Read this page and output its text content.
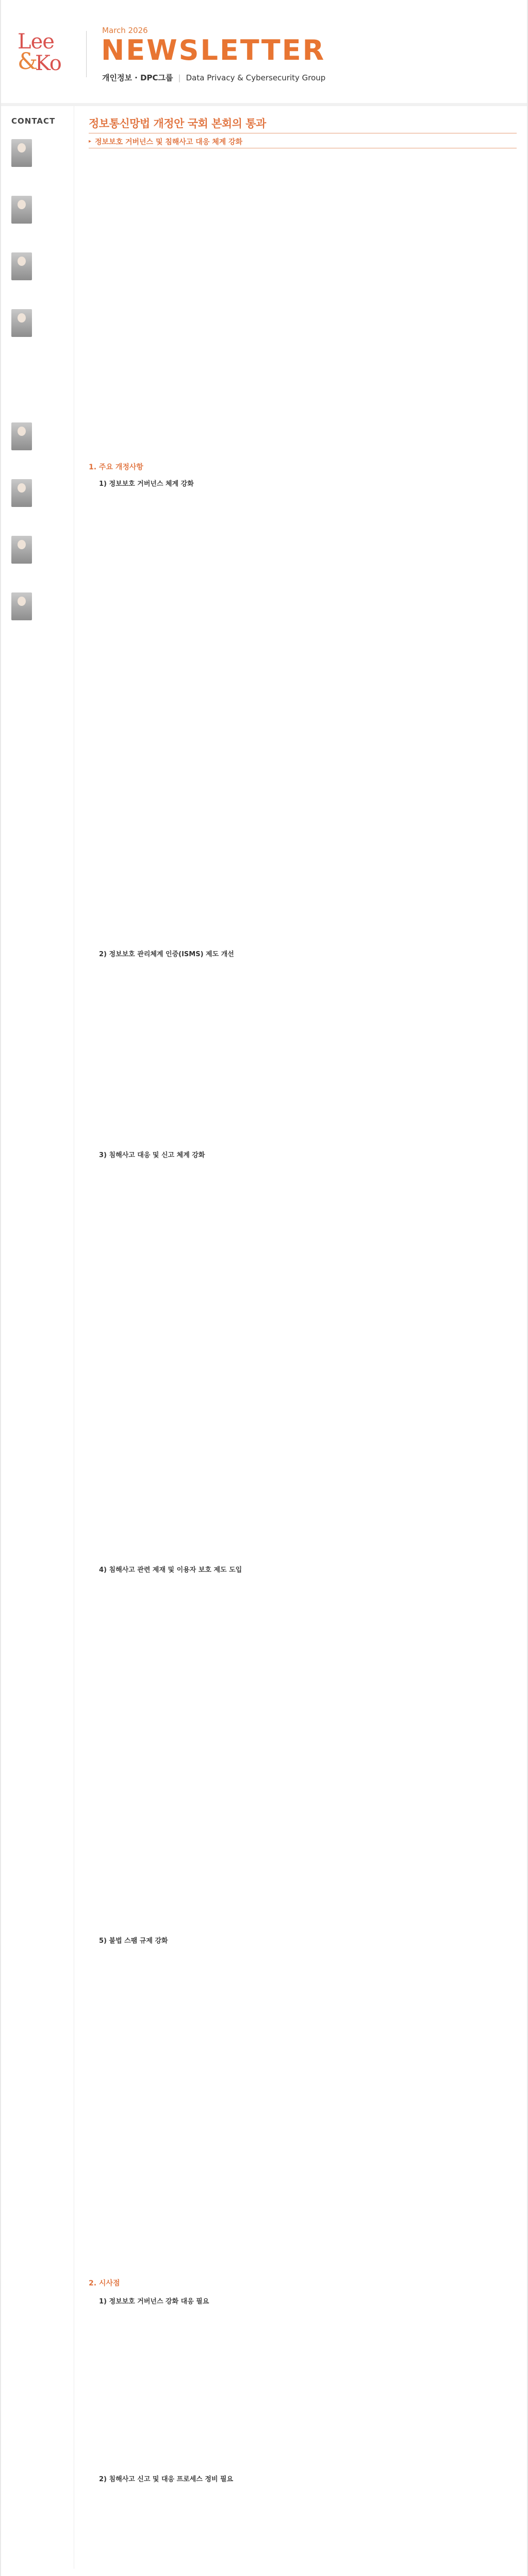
Lee
&
Ko
March 2026
NEWSLETTER
개인정보 · DPC그룹 | Data Privacy & Cybersecurity Group
CONTACT	정보통신망법 개정안 국회 본회의 통과
▸ 정보보호 거버넌스 및 침해사고 대응 체계 강화

1. 주요 개정사항
1) 정보보호 거버넌스 체계 강화
2) 정보보호 관리체계 인증(ISMS) 제도 개선
3) 침해사고 대응 및 신고 체계 강화
4) 침해사고 관련 제재 및 이용자 보호 제도 도입
5) 불법 스팸 규제 강화
2. 시사점
1) 정보보호 거버넌스 강화 대응 필요
2) 침해사고 신고 및 대응 프로세스 정비 필요
